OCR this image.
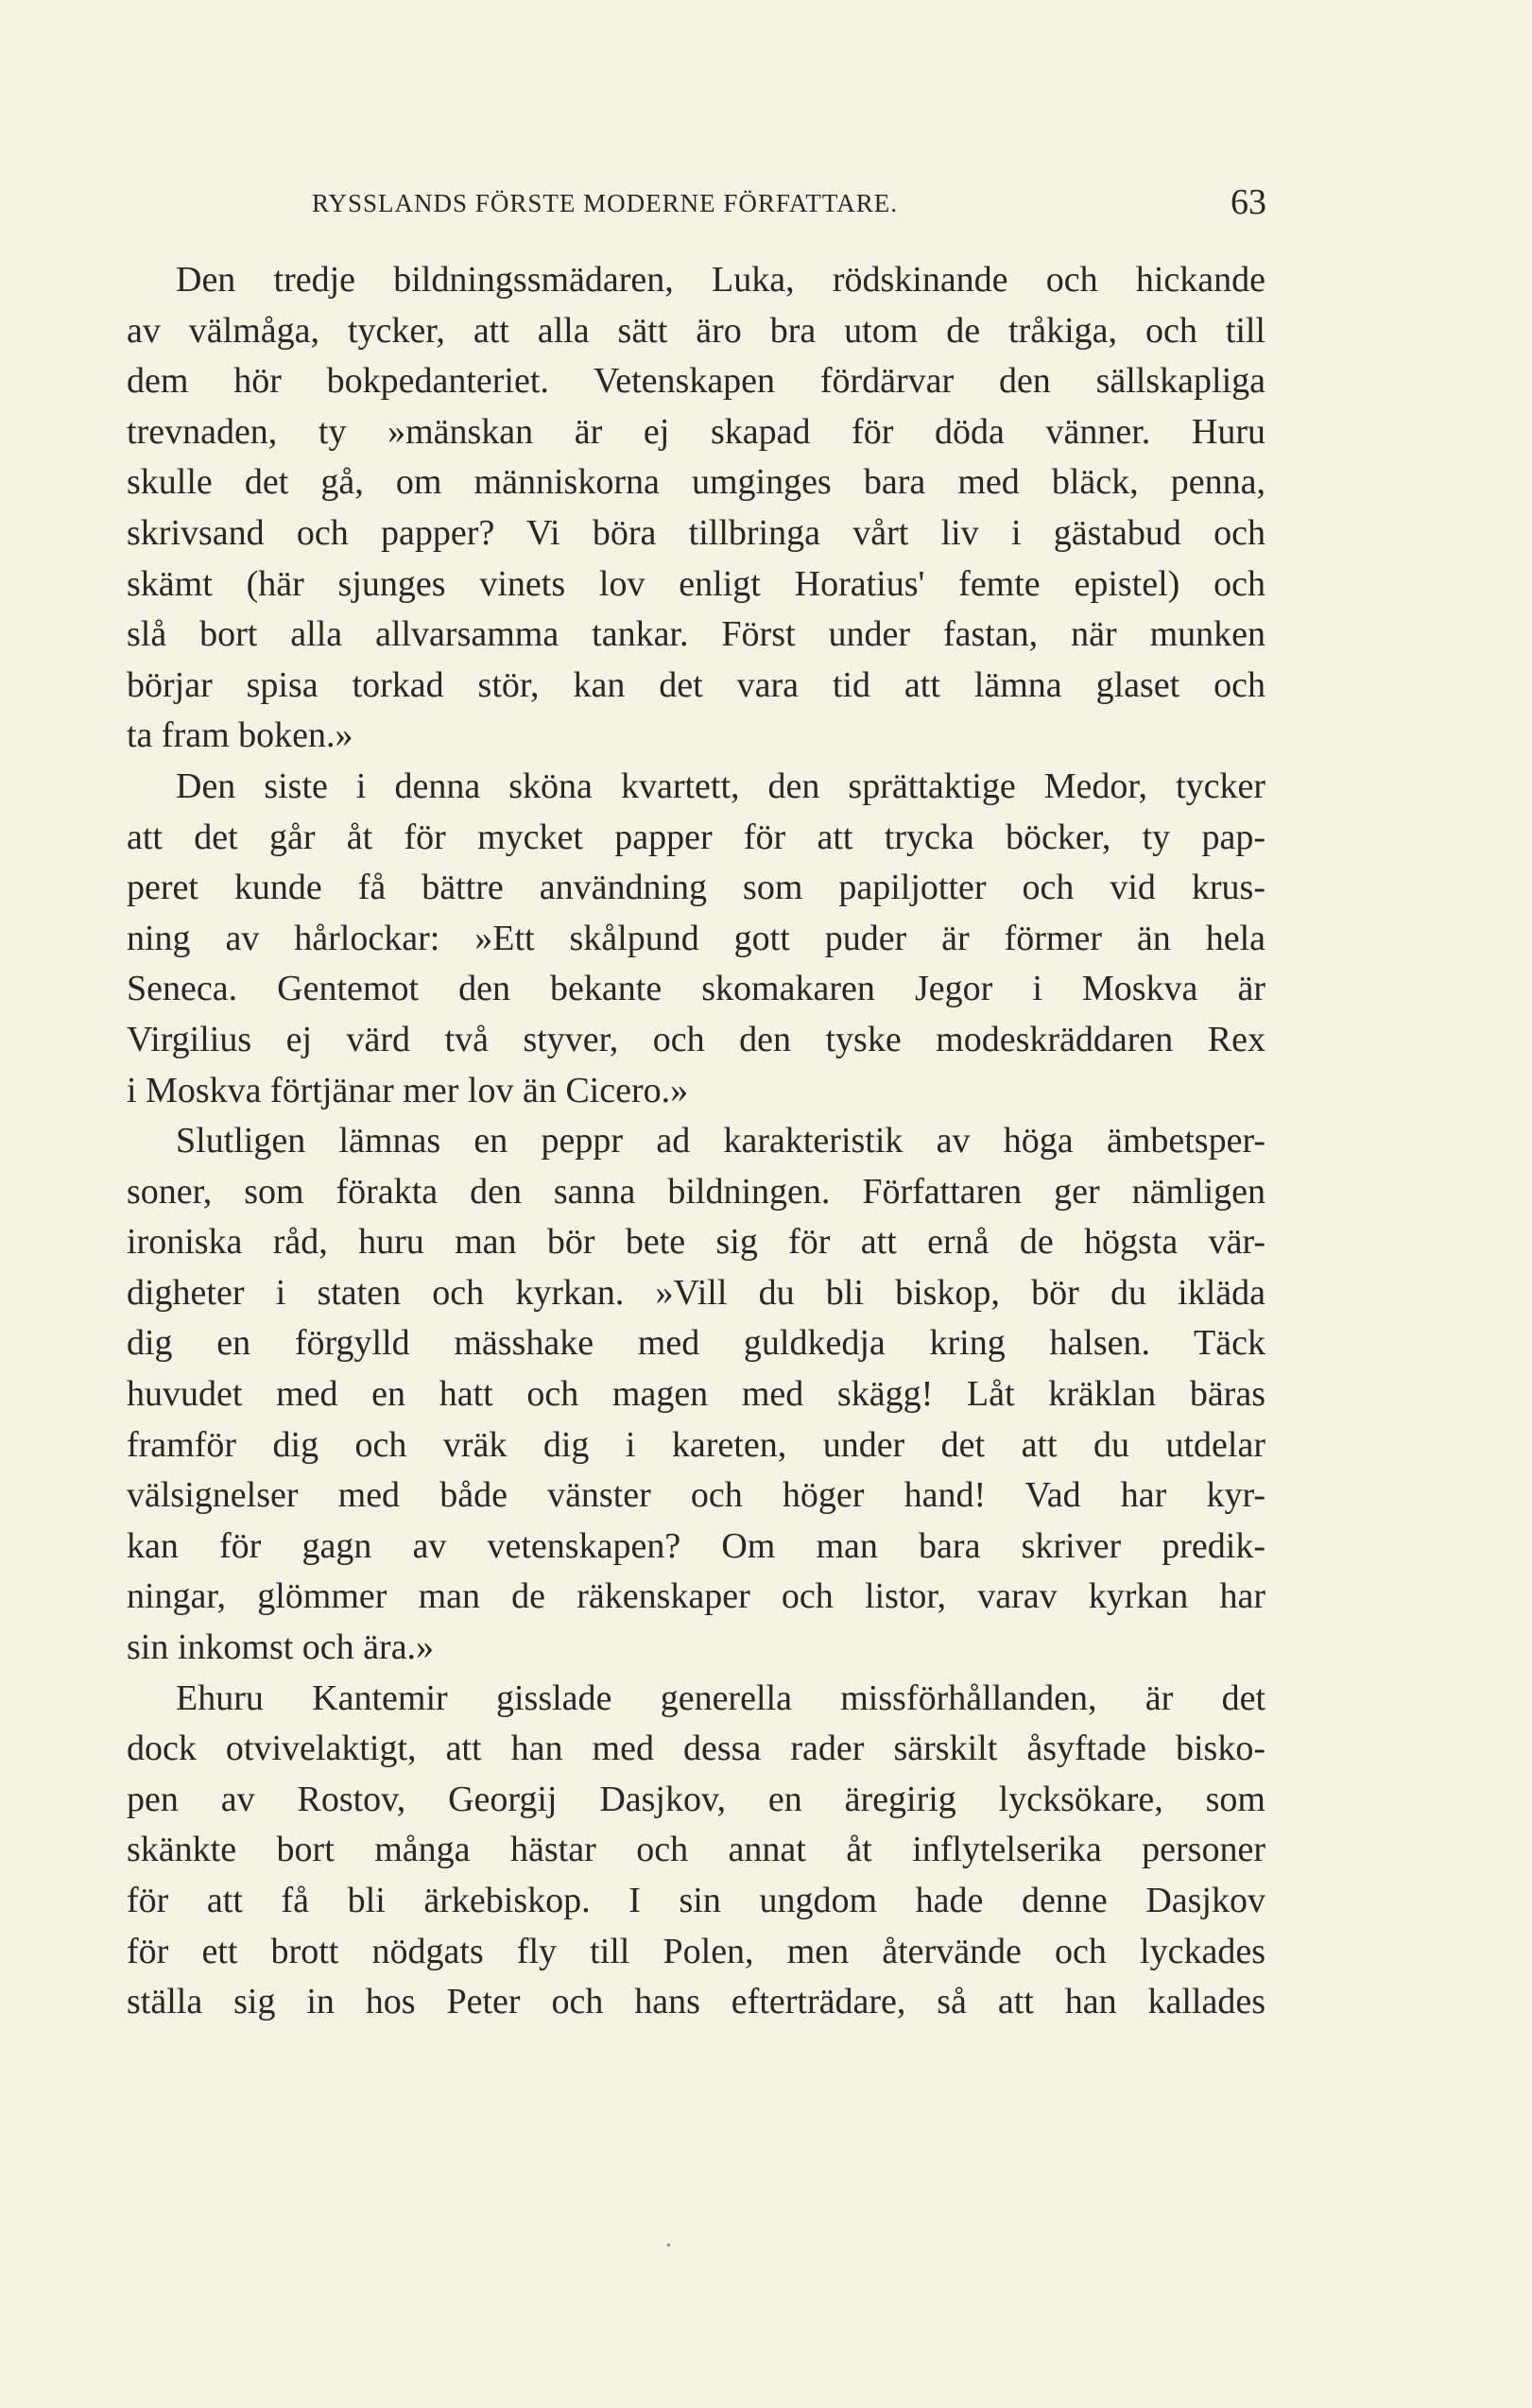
RYSSLANDS FÖRSTE MODERNE FÖRFATTARE.	63
Den tredje bildningssmädaren, Luka, rödskinande och hickande
av välmåga, tycker, att alla sätt äro bra utom de tråkiga, och till
dem hör bokpedanteriet. Vetenskapen fördärvar den sällskapliga
trevnaden, ty »mänskan är ej skapad för döda vänner. Huru
skulle det gå, om människorna umginges bara med bläck, penna,
skrivsand och papper? Vi böra tillbringa vårt liv i gästabud och
skämt (här sjunges vinets lov enligt Horatius' femte epistel) och
slå bort alla allvarsamma tankar. Först under fastan, när munken
börjar spisa torkad stör, kan det vara tid att lämna glaset och
ta fram boken.»
Den siste i denna sköna kvartett, den sprättaktige Medor, tycker
att det går åt för mycket papper för att trycka böcker, ty pap-
peret kunde få bättre användning som papiljotter och vid krus-
ning av hårlockar: »Ett skålpund gott puder är förmer än hela
Seneca. Gentemot den bekante skomakaren Jegor i Moskva är
Virgilius ej värd två styver, och den tyske modeskräddaren Rex
i Moskva förtjänar mer lov än Cicero.»
Slutligen lämnas en peppr ad karakteristik av höga ämbetsper-
soner, som förakta den sanna bildningen. Författaren ger nämligen
ironiska råd, huru man bör bete sig för att ernå de högsta vär-
digheter i staten och kyrkan. »Vill du bli biskop, bör du ikläda
dig en förgylld mässhake med guldkedja kring halsen. Täck
huvudet med en hatt och magen med skägg! Låt kräklan bäras
framför dig och vräk dig i kareten, under det att du utdelar
välsignelser med både vänster och höger hand! Vad har kyr-
kan för gagn av vetenskapen? Om man bara skriver predik-
ningar, glömmer man de räkenskaper och listor, varav kyrkan har
sin inkomst och ära.»
Ehuru Kantemir gisslade generella missförhållanden, är det
dock otvivelaktigt, att han med dessa rader särskilt åsyftade bisko-
pen av Rostov, Georgij Dasjkov, en äregirig lycksökare, som
skänkte bort många hästar och annat åt inflytelserika personer
för att få bli ärkebiskop. I sin ungdom hade denne Dasjkov
för ett brott nödgats fly till Polen, men återvände och lyckades
ställa sig in hos Peter och hans efterträdare, så att han kallades
